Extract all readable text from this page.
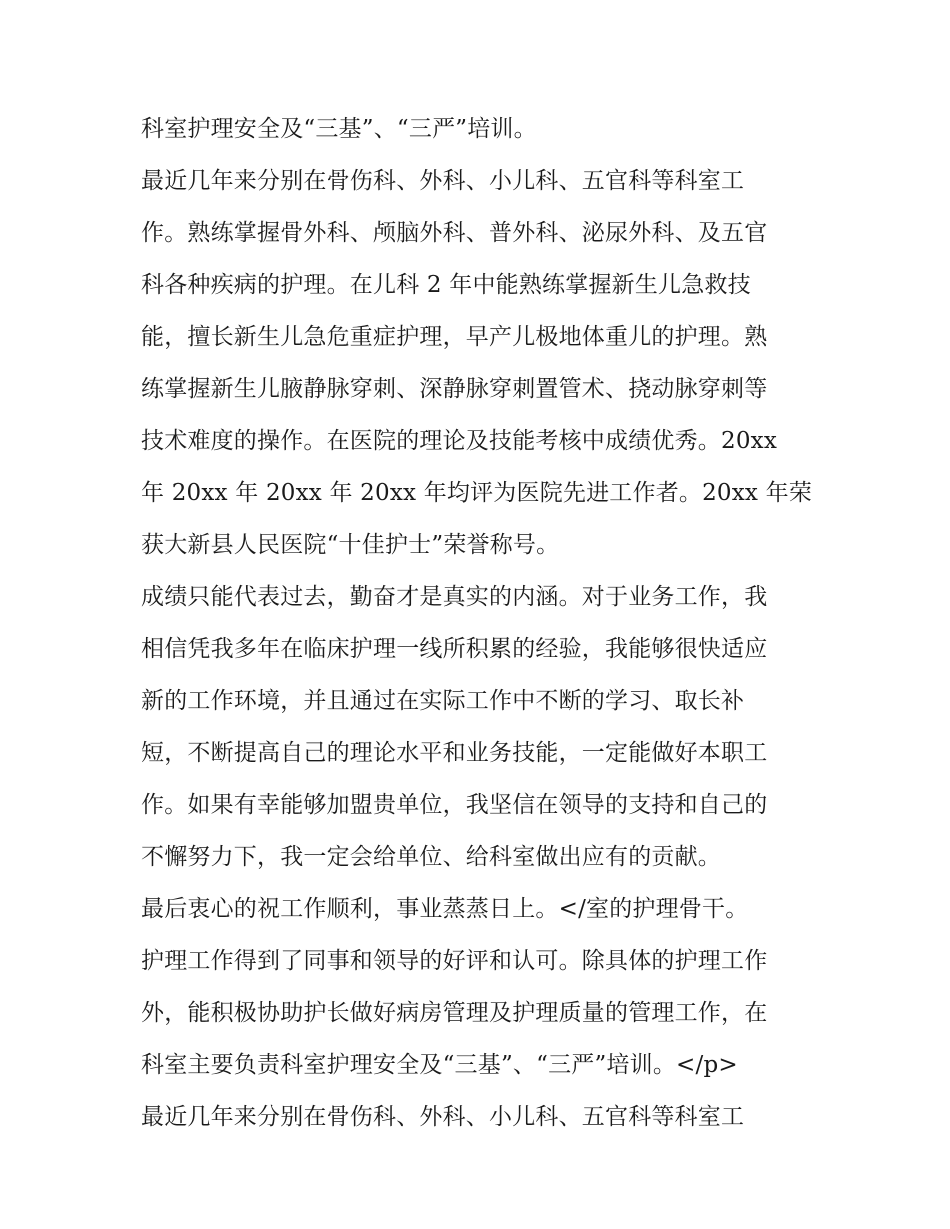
科室护理安全及“三基”、“三严”培训。
最近几年来分别在骨伤科、外科、小儿科、五官科等科室工
作。熟练掌握骨外科、颅脑外科、普外科、泌尿外科、及五官
科各种疾病的护理。在儿科 2 年中能熟练掌握新生儿急救技
能，擅长新生儿急危重症护理，早产儿极地体重儿的护理。熟
练掌握新生儿腋静脉穿刺、深静脉穿刺置管术、挠动脉穿刺等
技术难度的操作。在医院的理论及技能考核中成绩优秀。20xx
年 20xx 年 20xx 年 20xx 年均评为医院先进工作者。20xx 年荣
获大新县人民医院“十佳护士”荣誉称号。
成绩只能代表过去，勤奋才是真实的内涵。对于业务工作，我
相信凭我多年在临床护理一线所积累的经验，我能够很快适应
新的工作环境，并且通过在实际工作中不断的学习、取长补
短，不断提高自己的理论水平和业务技能，一定能做好本职工
作。如果有幸能够加盟贵单位，我坚信在领导的支持和自己的
不懈努力下，我一定会给单位、给科室做出应有的贡献。
最后衷心的祝工作顺利，事业蒸蒸日上。</室的护理骨干。
护理工作得到了同事和领导的好评和认可。除具体的护理工作
外，能积极协助护长做好病房管理及护理质量的管理工作，在
科室主要负责科室护理安全及“三基”、“三严”培训。</p>
最近几年来分别在骨伤科、外科、小儿科、五官科等科室工
